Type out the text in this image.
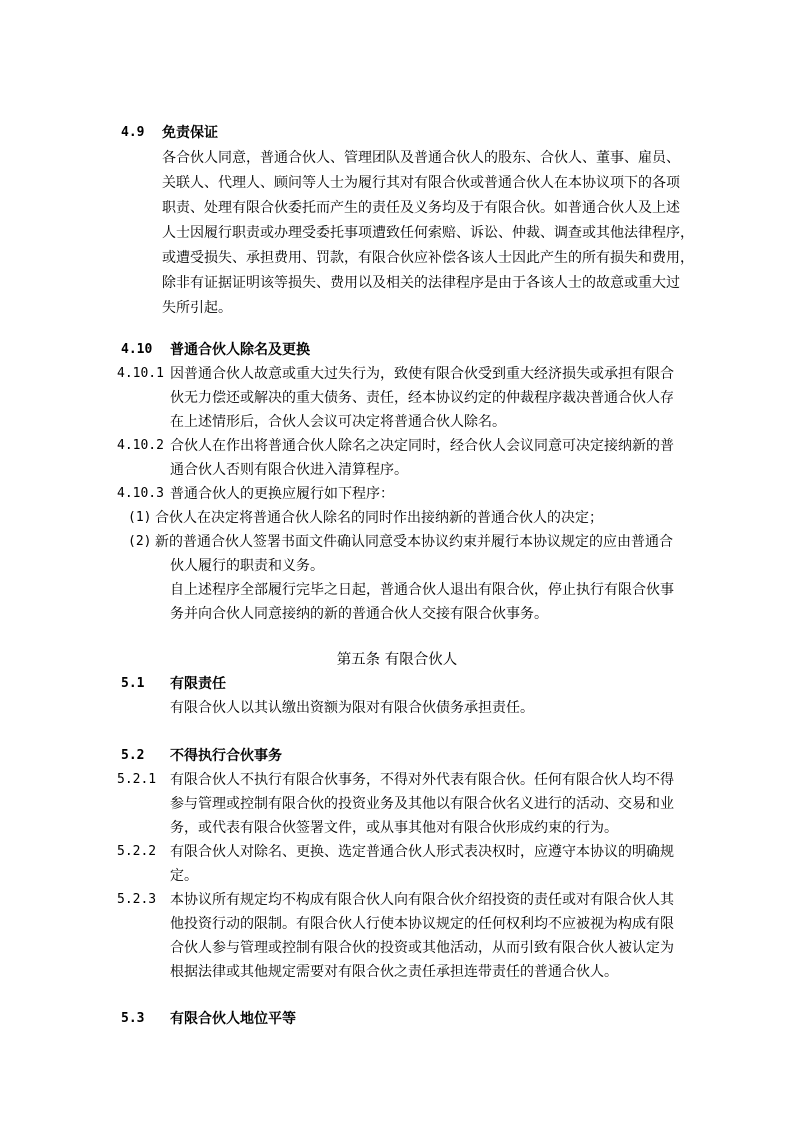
4.9 免责保证
各合伙人同意，普通合伙人、管理团队及普通合伙人的股东、合伙人、董事、雇员、
关联人、代理人、顾问等人士为履行其对有限合伙或普通合伙人在本协议项下的各项
职责、处理有限合伙委托而产生的责任及义务均及于有限合伙。如普通合伙人及上述
人士因履行职责或办理受委托事项遭致任何索赔、诉讼、仲裁、调查或其他法律程序，
或遭受损失、承担费用、罚款，有限合伙应补偿各该人士因此产生的所有损失和费用，
除非有证据证明该等损失、费用以及相关的法律程序是由于各该人士的故意或重大过
失所引起。
4.10 普通合伙人除名及更换
4.10.1 因普通合伙人故意或重大过失行为，致使有限合伙受到重大经济损失或承担有限合
伙无力偿还或解决的重大债务、责任，经本协议约定的仲裁程序裁决普通合伙人存
在上述情形后，合伙人会议可决定将普通合伙人除名。
4.10.2 合伙人在作出将普通合伙人除名之决定同时，经合伙人会议同意可决定接纳新的普
通合伙人否则有限合伙进入清算程序。
4.10.3 普通合伙人的更换应履行如下程序：
(1) 合伙人在决定将普通合伙人除名的同时作出接纳新的普通合伙人的决定；
(2) 新的普通合伙人签署书面文件确认同意受本协议约束并履行本协议规定的应由普通合
伙人履行的职责和义务。
自上述程序全部履行完毕之日起，普通合伙人退出有限合伙，停止执行有限合伙事
务并向合伙人同意接纳的新的普通合伙人交接有限合伙事务。
第五条 有限合伙人
5.1 有限责任
有限合伙人以其认缴出资额为限对有限合伙债务承担责任。
5.2 不得执行合伙事务
5.2.1 有限合伙人不执行有限合伙事务，不得对外代表有限合伙。任何有限合伙人均不得
参与管理或控制有限合伙的投资业务及其他以有限合伙名义进行的活动、交易和业
务，或代表有限合伙签署文件，或从事其他对有限合伙形成约束的行为。
5.2.2 有限合伙人对除名、更换、选定普通合伙人形式表决权时，应遵守本协议的明确规
定。
5.2.3 本协议所有规定均不构成有限合伙人向有限合伙介绍投资的责任或对有限合伙人其
他投资行动的限制。有限合伙人行使本协议规定的任何权利均不应被视为构成有限
合伙人参与管理或控制有限合伙的投资或其他活动，从而引致有限合伙人被认定为
根据法律或其他规定需要对有限合伙之责任承担连带责任的普通合伙人。
5.3 有限合伙人地位平等
